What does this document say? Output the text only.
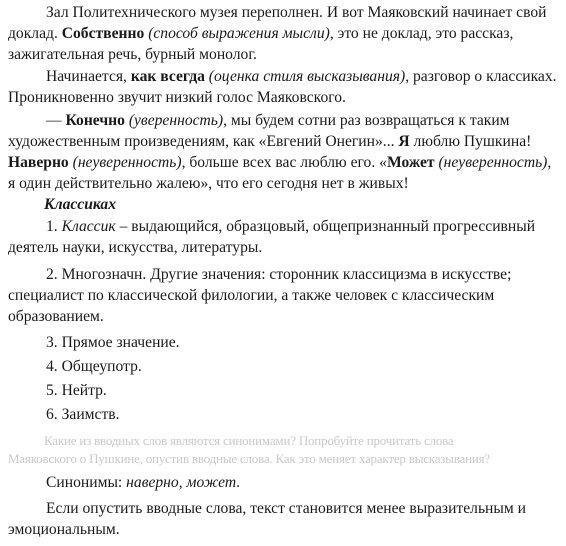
Зал Политехнического музея переполнен. И вот Маяковский начинает свой доклад. Собственно (способ выражения мысли), это не доклад, это рассказ, зажигательная речь, бурный монолог.

Начинается, как всегда (оценка стиля высказывания), разговор о классиках. Проникновенно звучит низкий голос Маяковского.

— Конечно (уверенность), мы будем сотни раз возвращаться к таким художественным произведениям, как «Евгений Онегин»... Я люблю Пушкина! Наверно (неуверенность), больше всех вас люблю его. «Может (неуверенность), я один действительно жалею», что его сегодня нет в живых!

Классиках

1. Классик – выдающийся, образцовый, общепризнанный прогрессивный деятель науки, искусства, литературы.

2. Многозначн. Другие значения: сторонник классицизма в искусстве; специалист по классической филологии, а также человек с классическим образованием.

3. Прямое значение.

4. Общеупотр.

5. Нейтр.

6. Заимств.

Какие из вводных слов являются синонимами? Попробуйте прочитать слова

Маяковского о Пушкине, опустив вводные слова. Как это меняет характер высказывания?

Синонимы: наверно, может.

Если опустить вводные слова, текст становится менее выразительным и эмоциональным.
